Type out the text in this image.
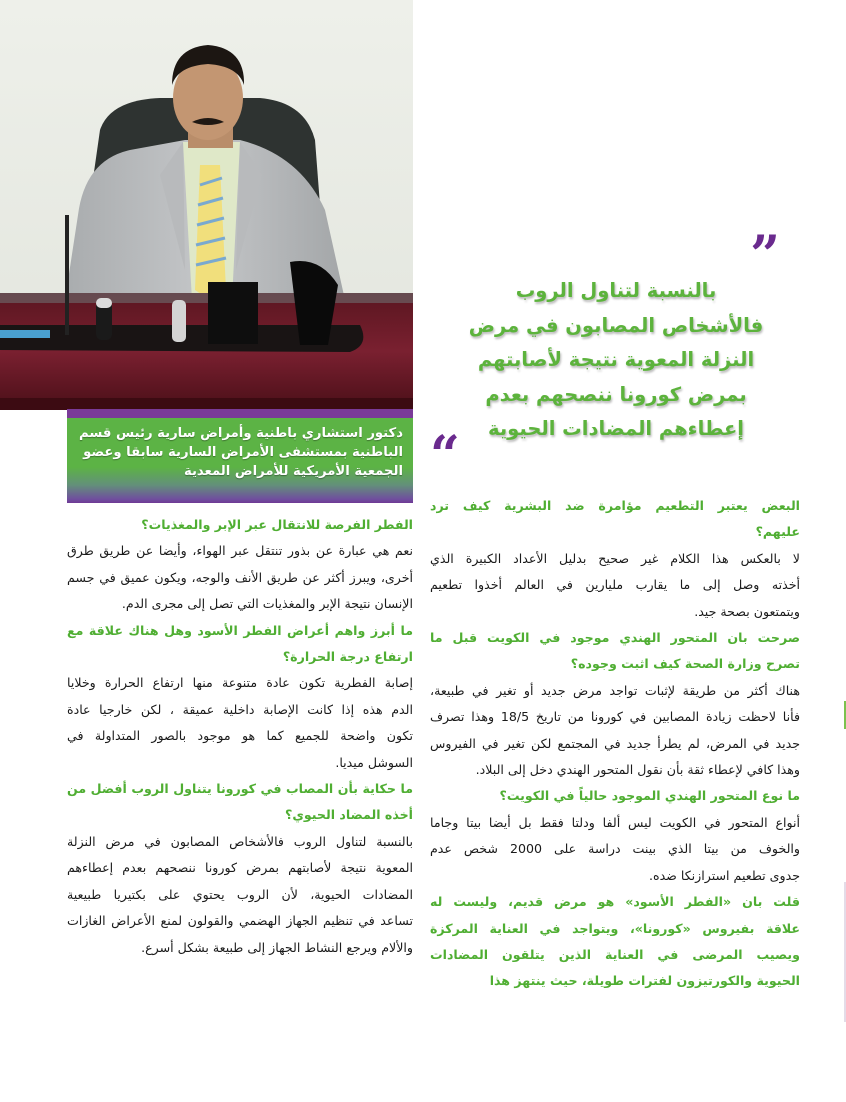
دكتور استشاري باطنية وأمراض سارية رئيس قسم

الباطنية بمستشفى الأمراض السارية سابقا وعضو

الجمعية الأمريكية للأمراض المعدية

”

بالنسبة لتناول الروب

فالأشخاص المصابون في مرض

النزلة المعوية نتيجة لأصابتهم

بمرض كورونا ننصحهم بعدم

إعطاءهم المضادات الحيوية

“

الفطر الفرصة للانتقال عبر الإبر والمغذيات؟

نعم هي عبارة عن بذور تنتقل عبر الهواء، وأيضا عن طريق طرق
أخرى، ويبرز أكثر عن طريق الأنف والوجه، ويكون عميق في جسم
الإنسان نتيجة الإبر والمغذيات التي تصل إلى مجرى الدم.

ما أبرز واهم أعراض الفطر الأسود وهل هناك علاقة مع
ارتفاع درجة الحرارة؟

إصابة الفطرية تكون عادة متنوعة منها ارتفاع الحرارة وخلايا
الدم هذه إذا كانت الإصابة داخلية عميقة ، لكن خارجيا عادة
تكون واضحة للجميع كما هو موجود بالصور المتداولة في
السوشل ميديا.

ما حكاية بأن المصاب في كورونا يتناول الروب أفضل من
أخذه المضاد الحيوي؟

بالنسبة لتناول الروب فالأشخاص المصابون في مرض النزلة
المعوية نتيجة لأصابتهم بمرض كورونا ننصحهم بعدم إعطاءهم
المضادات الحيوية، لأن الروب يحتوي على بكتيريا طبيعية
تساعد في تنظيم الجهاز الهضمي والقولون لمنع الأعراض الغازات
والألام ويرجع النشاط الجهاز إلى طبيعة بشكل أسرع.

البعض يعتبر التطعيم مؤامرة ضد البشرية كيف ترد
عليهم؟

لا بالعكس هذا الكلام غير صحيح بدليل الأعداد الكبيرة الذي
أخذته وصل إلى ما يقارب مليارين في العالم أخذوا تطعيم
ويتمتعون بصحة جيد.

صرحت بان المتحور الهندي موجود في الكويت قبل ما
تصرح وزارة الصحة كيف اثبت وجوده؟

هناك أكثر من طريقة لإثبات تواجد مرض جديد أو تغير في طبيعة،
فأنا لاحظت زيادة المصابين في كورونا من تاريخ 18/5 وهذا تصرف
جديد في المرض، لم يطرأ جديد في المجتمع لكن تغير في الفيروس
وهذا كافي لإعطاء ثقة بأن نقول المتحور الهندي دخل إلى البلاد.

ما نوع المتحور الهندي الموجود حالياً في الكويت؟

أنواع المتحور في الكويت ليس ألفا ودلتا فقط بل أيضا بيتا وجاما
والخوف من بيتا الذي بينت دراسة على 2000 شخص عدم
جدوى تطعيم استرازنكا ضده.

قلت بان «الفطر الأسود» هو مرض قديم، وليست له
علاقة بفيروس «كورونا»، ويتواجد في العناية المركزة
ويصيب المرضى في العناية الذين يتلقون المضادات
الحيوية والكورتيزون لفترات طويلة، حيث ينتهز هذا
